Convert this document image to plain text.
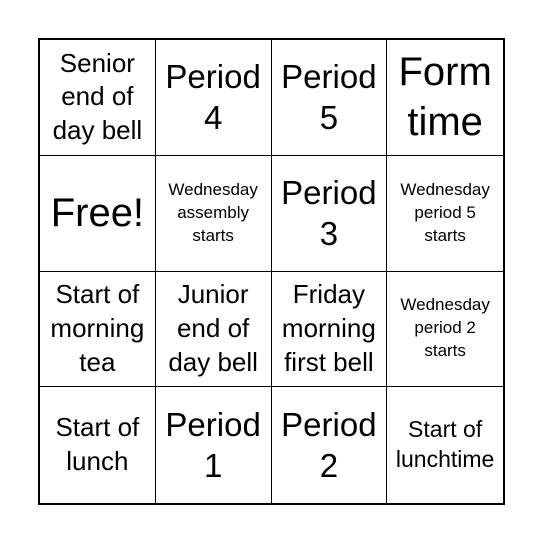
Senior
end of
day bell
Period
4
Period
5
Form
time
Free!
Wednesday
assembly
starts
Period
3
Wednesday
period 5
starts
Start of
morning
tea
Junior
end of
day bell
Friday
morning
first bell
Wednesday
period 2
starts
Start of
lunch
Period
1
Period
2
Start of
lunchtime
